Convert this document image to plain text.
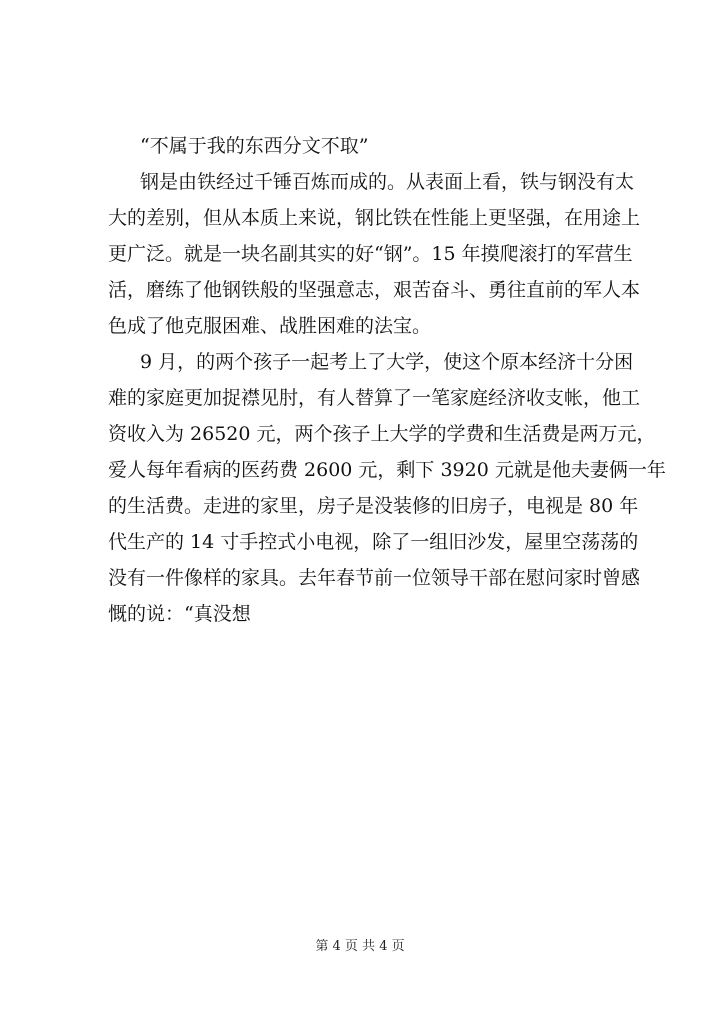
“不属于我的东西分文不取”
钢是由铁经过千锤百炼而成的。从表面上看，铁与钢没有太
大的差别，但从本质上来说，钢比铁在性能上更坚强，在用途上
更广泛。就是一块名副其实的好“钢”。15 年摸爬滚打的军营生
活，磨练了他钢铁般的坚强意志，艰苦奋斗、勇往直前的军人本
色成了他克服困难、战胜困难的法宝。
9 月，的两个孩子一起考上了大学，使这个原本经济十分困
难的家庭更加捉襟见肘，有人替算了一笔家庭经济收支帐，他工
资收入为 26520 元，两个孩子上大学的学费和生活费是两万元，
爱人每年看病的医药费 2600 元，剩下 3920 元就是他夫妻俩一年
的生活费。走进的家里，房子是没装修的旧房子，电视是 80 年
代生产的 14 寸手控式小电视，除了一组旧沙发，屋里空荡荡的
没有一件像样的家具。去年春节前一位领导干部在慰问家时曾感
慨的说：“真没想
第 4 页 共 4 页
